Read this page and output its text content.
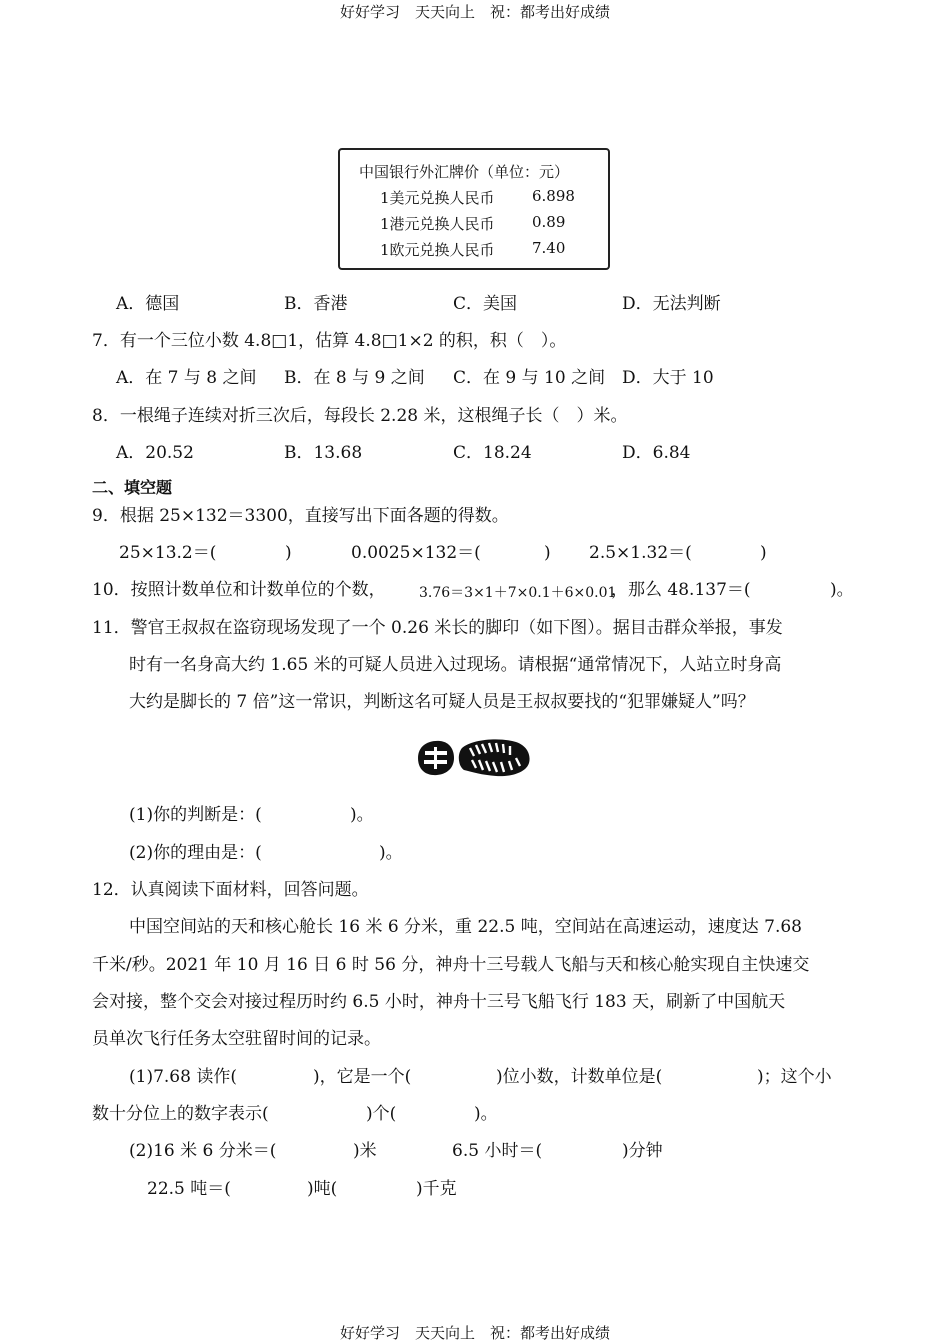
好好学习　天天向上　祝：都考出好成绩
中国银行外汇牌价（单位：元）
1美元兑换人民币 6.898
1港元兑换人民币 0.89
1欧元兑换人民币 7.40
A．德国	B．香港	C．美国	D．无法判断
7．有一个三位小数 4.8□1，估算 4.8□1×2 的积，积（　）。
A．在 7 与 8 之间 B．在 8 与 9 之间 C．在 9 与 10 之间 D．大于 10
8．一根绳子连续对折三次后，每段长 2.28 米，这根绳子长（　）米。
A．20.52	B．13.68	C．18.24	D．6.84
二、填空题
9．根据 25×132＝3300，直接写出下面各题的得数。
25×13.2＝(	)	0.0025×132＝(	) 2.5×1.32＝(	)
10．按照计数单位和计数单位的个数， 3.76＝3×1＋7×0.1＋6×0.01
，那么 48.137＝(	)。
11．警官王叔叔在盗窃现场发现了一个 0.26 米长的脚印（如下图）。据目击群众举报，事发
时有一名身高大约 1.65 米的可疑人员进入过现场。请根据“通常情况下，人站立时身高
大约是脚长的 7 倍”这一常识，判断这名可疑人员是王叔叔要找的“犯罪嫌疑人”吗？
(1)你的判断是：(	)。
(2)你的理由是：(	)。
12．认真阅读下面材料，回答问题。
中国空间站的天和核心舱长 16 米 6 分米，重 22.5 吨，空间站在高速运动，速度达 7.68
千米/秒。2021 年 10 月 16 日 6 时 56 分，神舟十三号载人飞船与天和核心舱实现自主快速交
会对接，整个交会对接过程历时约 6.5 小时，神舟十三号飞船飞行 183 天，刷新了中国航天
员单次飞行任务太空驻留时间的记录。
(1)7.68 读作(	)，它是一个(	)位小数，计数单位是(	)；这个小
数十分位上的数字表示(	)个(	)。
(2)16 米 6 分米＝(	)米	6.5 小时＝(	)分钟
22.5 吨＝(	)吨(	)千克
好好学习　天天向上　祝：都考出好成绩
